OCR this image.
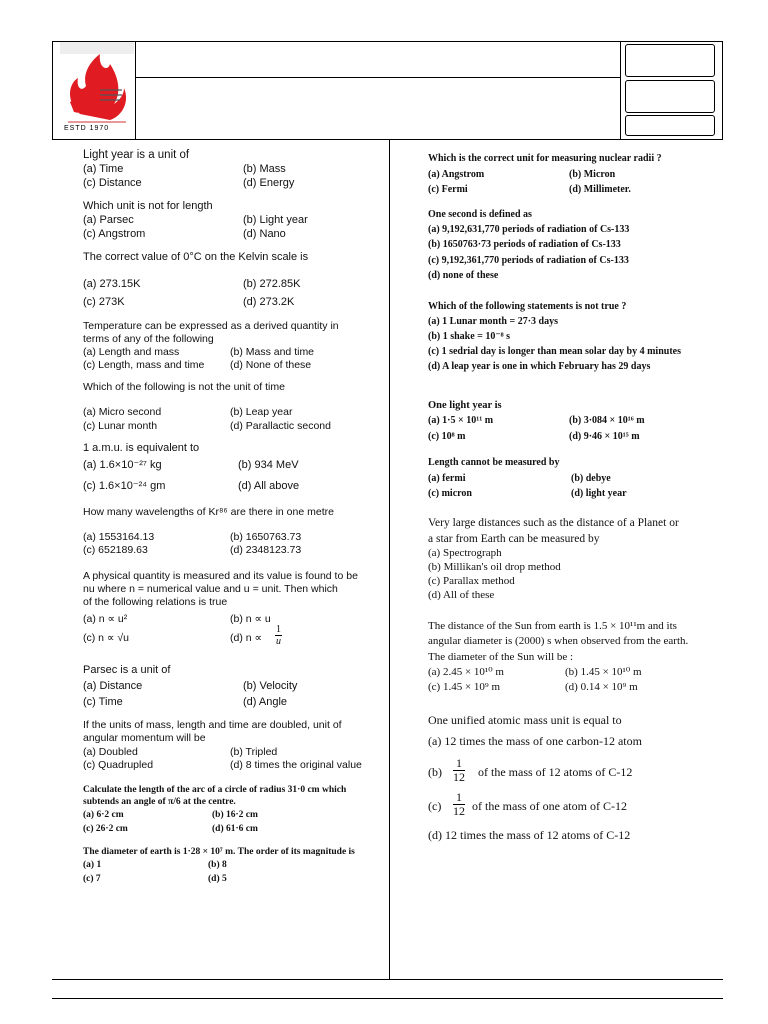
ESTD 1970
Light year is a unit of
(a) Time	(b) Mass
(c) Distance	(d) Energy
Which unit is not for length
(a) Parsec	(b) Light year
(c) Angstrom	(d) Nano
The correct value of 0°C on the Kelvin scale is
(a) 273.15K	(b) 272.85K
(c) 273K	(d) 273.2K
Temperature can be expressed as a derived quantity in
terms of any of the following
(a) Length and mass	(b) Mass and time
(c) Length, mass and time (d) None of these
Which of the following is not the unit of time
(a) Micro second	(b) Leap year
(c) Lunar month	(d) Parallactic second
1 a.m.u. is equivalent to
(a) 1.6×10⁻²⁷ kg	(b) 934 MeV
(c) 1.6×10⁻²⁴ gm	(d) All above
How many wavelengths of Kr⁸⁶ are there in one metre
(a) 1553164.13	(b) 1650763.73
(c) 652189.63	(d) 2348123.73
A physical quantity is measured and its value is found to be
nu where n = numerical value and u = unit. Then which
of the following relations is true
(a) n ∝ u²	(b) n ∝ u
(c) n ∝ √u	(d) $n \propto \frac{1}{u}$
Parsec is a unit of
(a) Distance	(b) Velocity
(c) Time	(d) Angle
If the units of mass, length and time are doubled, unit of
angular momentum will be
(a) Doubled	(b) Tripled
(c) Quadrupled	(d) 8 times the original value
Calculate the length of the arc of a circle of radius 31·0 cm which
subtends an angle of π/6 at the centre.
(a) 6·2 cm	(b) 16·2 cm
(c) 26·2 cm	(d) 61·6 cm
The diameter of earth is 1·28 × 10⁷ m. The order of its magnitude is
(a) 1	(b) 8
(c) 7	(d) 5
Which is the correct unit for measuring nuclear radii ?
(a) Angstrom	(b) Micron
(c) Fermi	(d) Millimeter.
One second is defined as
(a) 9,192,631,770 periods of radiation of Cs-133
(b) 1650763·73 periods of radiation of Cs-133
(c) 9,192,361,770 periods of radiation of Cs-133
(d) none of these
Which of the following statements is not true ?
(a) 1 Lunar month = 27·3 days
(b) 1 shake = 10⁻⁸ s
(c) 1 sedrial day is longer than mean solar day by 4 minutes
(d) A leap year is one in which February has 29 days
One light year is
(a) 1·5 × 10¹¹ m	(b) 3·084 × 10¹⁶ m
(c) 10⁸ m	(d) 9·46 × 10¹⁵ m
Length cannot be measured by
(a) fermi	(b) debye
(c) micron	(d) light year
Very large distances such as the distance of a Planet or
a star from Earth can be measured by
(a) Spectrograph
(b) Millikan's oil drop method
(c) Parallax method
(d) All of these
The distance of the Sun from earth is 1.5 × 10¹¹m and its
angular diameter is (2000) s when observed from the earth.
The diameter of the Sun will be :
(a) 2.45 × 10¹⁰ m	(b) 1.45 × 10¹⁰ m
(c) 1.45 × 10⁹ m	(d) 0.14 × 10⁹ m
One unified atomic mass unit is equal to
(a) 12 times the mass of one carbon-12 atom
$(b) \frac{1}{12}$ of the mass of 12 atoms of C-12
$(c) \frac{1}{12}$ of the mass of one atom of C-12
(d) 12 times the mass of 12 atoms of C-12
